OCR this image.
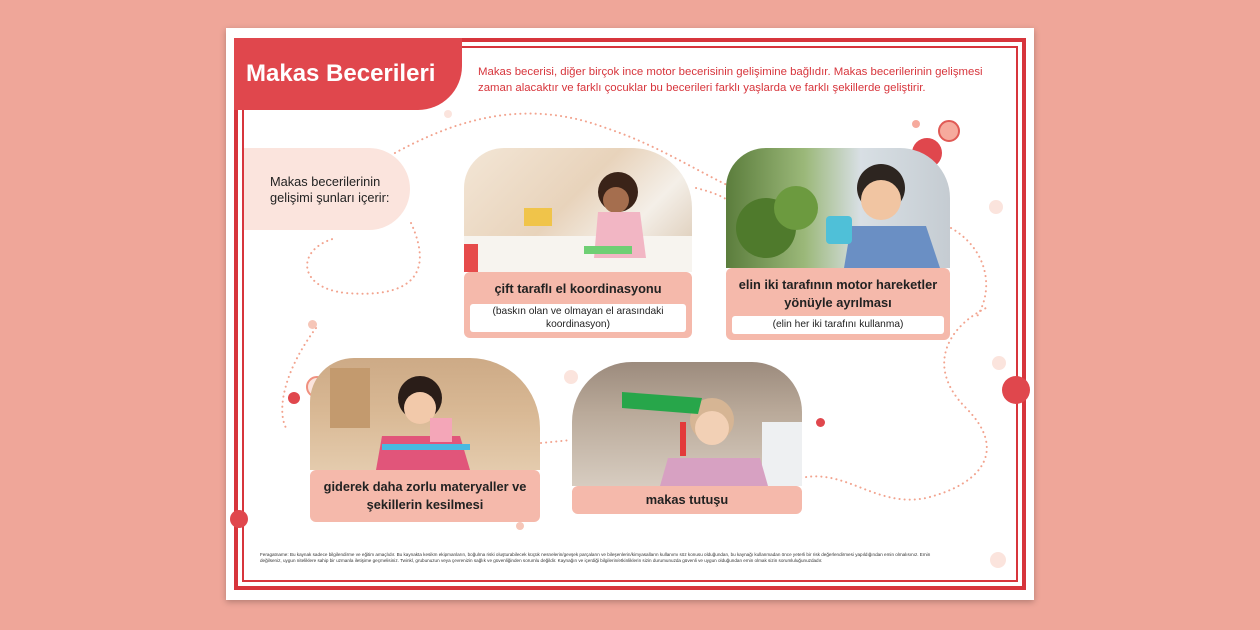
Makas Becerileri	Makas becerisi, diğer birçok ince motor becerisinin gelişimine bağlıdır. Makas becerilerinin gelişmesi zaman alacaktır ve farklı çocuklar bu becerileri farklı yaşlarda ve farklı şekillerde geliştirir.
Makas becerilerinin gelişimi şunları içerir:
çift taraflı el koordinasyonu
(baskın olan ve olmayan el arasındaki koordinasyon)
elin iki tarafının motor hareketler yönüyle ayrılması
(elin her iki tarafını kullanma)
giderek daha zorlu materyaller ve şekillerin kesilmesi	makas tutuşu
Feragatname: Bu kaynak sadece bilgilendirme ve eğitim amaçlıdır. Bu kaynakta kesikm ekipmanların, boğulma riski oluşturabilecek küçük nesnelerin/gevşek parçaların ve bileşenlerin/kimyasalların kullanımı söz konusu olduğundan, bu kaynağı kullanmadan önce yeterli bir risk değerlendirmesi yapıldığından emin olmalısınız. Emin değilseniz, uygun niteliklere sahip bir uzmanla iletişime geçmelisiniz. Twinkl, grubunuzun veya çevrenizin sağlık ve güvenliğinden sorumlu değildir. Kaynağın ve içerdiği bilgilerin/etkinliklerin sizin durumunuzda güvenli ve uygun olduğundan emin olmak sizin sorumluluğunuzdadır.
